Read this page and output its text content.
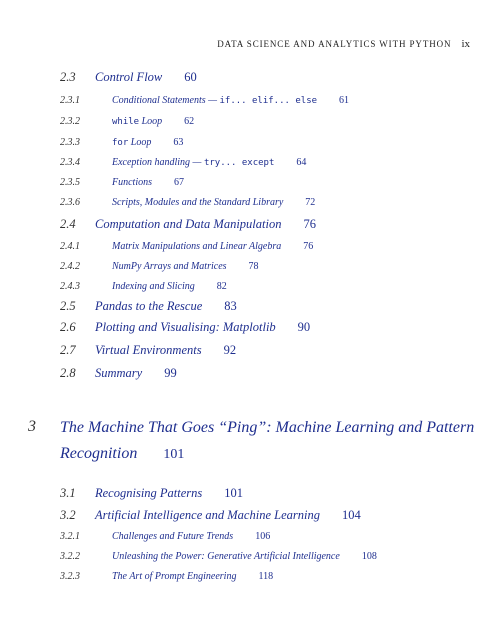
DATA SCIENCE AND ANALYTICS WITH PYTHON ix
2.3 Control Flow 60
2.3.1	Conditional Statements — if... elif... else 61
2.3.2	while Loop 62
2.3.3	for Loop 63
2.3.4	Exception handling — try... except 64
2.3.5	Functions 67
2.3.6	Scripts, Modules and the Standard Library 72
2.4 Computation and Data Manipulation 76
2.4.1	Matrix Manipulations and Linear Algebra 76
2.4.2	NumPy Arrays and Matrices 78
2.4.3	Indexing and Slicing 82
2.5 Pandas to the Rescue 83
2.6 Plotting and Visualising: Matplotlib 90
2.7 Virtual Environments 92
2.8 Summary 99
3 The Machine That Goes “Ping”: Machine Learning and Pattern Recognition 101
3.1 Recognising Patterns 101
3.2 Artificial Intelligence and Machine Learning 104
3.2.1	Challenges and Future Trends 106
3.2.2	Unleashing the Power: Generative Artificial Intelligence 108
3.2.3	The Art of Prompt Engineering 118
